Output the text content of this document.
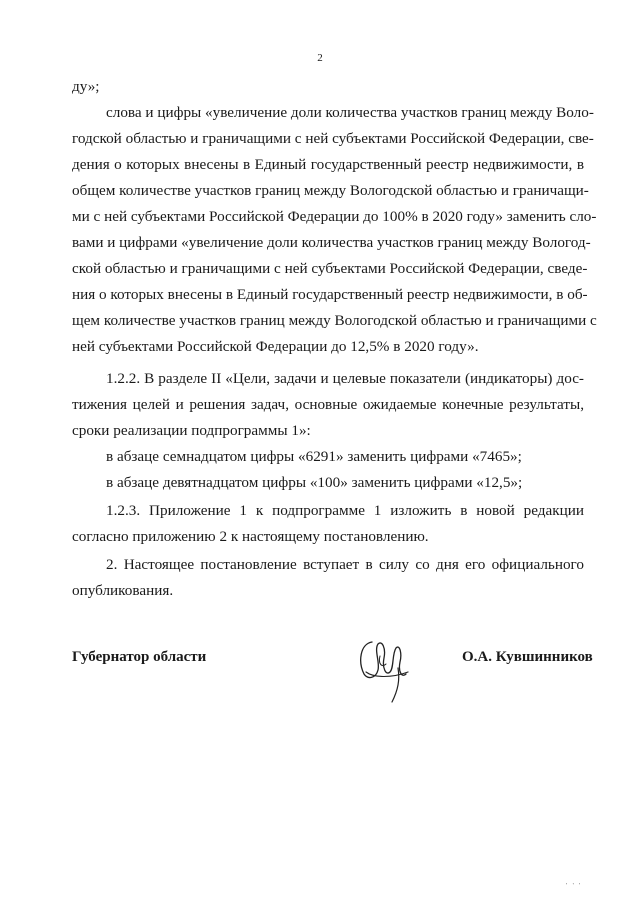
2
ду»;
слова и цифры «увеличение доли количества участков границ между Воло-
годской областью и граничащими с ней субъектами Российской Федерации, све-
дения о которых внесены в Единый государственный реестр недвижимости, в
общем количестве участков границ между Вологодской областью и граничащи-
ми с ней субъектами Российской Федерации до 100% в 2020 году» заменить сло-
вами и цифрами «увеличение доли количества участков границ между Вологод-
ской областью и граничащими с ней субъектами Российской Федерации, сведе-
ния о которых внесены в Единый государственный реестр недвижимости, в об-
щем количестве участков границ между Вологодской областью и граничащими с
ней субъектами Российской Федерации до 12,5% в 2020 году».
1.2.2. В разделе II «Цели, задачи и целевые показатели (индикаторы) дос-
тижения целей и решения задач, основные ожидаемые конечные результаты,
сроки реализации подпрограммы 1»:
в абзаце семнадцатом цифры «6291» заменить цифрами «7465»;
в абзаце девятнадцатом цифры «100» заменить цифрами «12,5»;
1.2.3. Приложение 1 к подпрограмме 1 изложить в новой редакции
согласно приложению 2 к настоящему постановлению.
2. Настоящее постановление вступает в силу со дня его официального
опубликования.
Губернатор области	О.А. Кувшинников
' ' '
